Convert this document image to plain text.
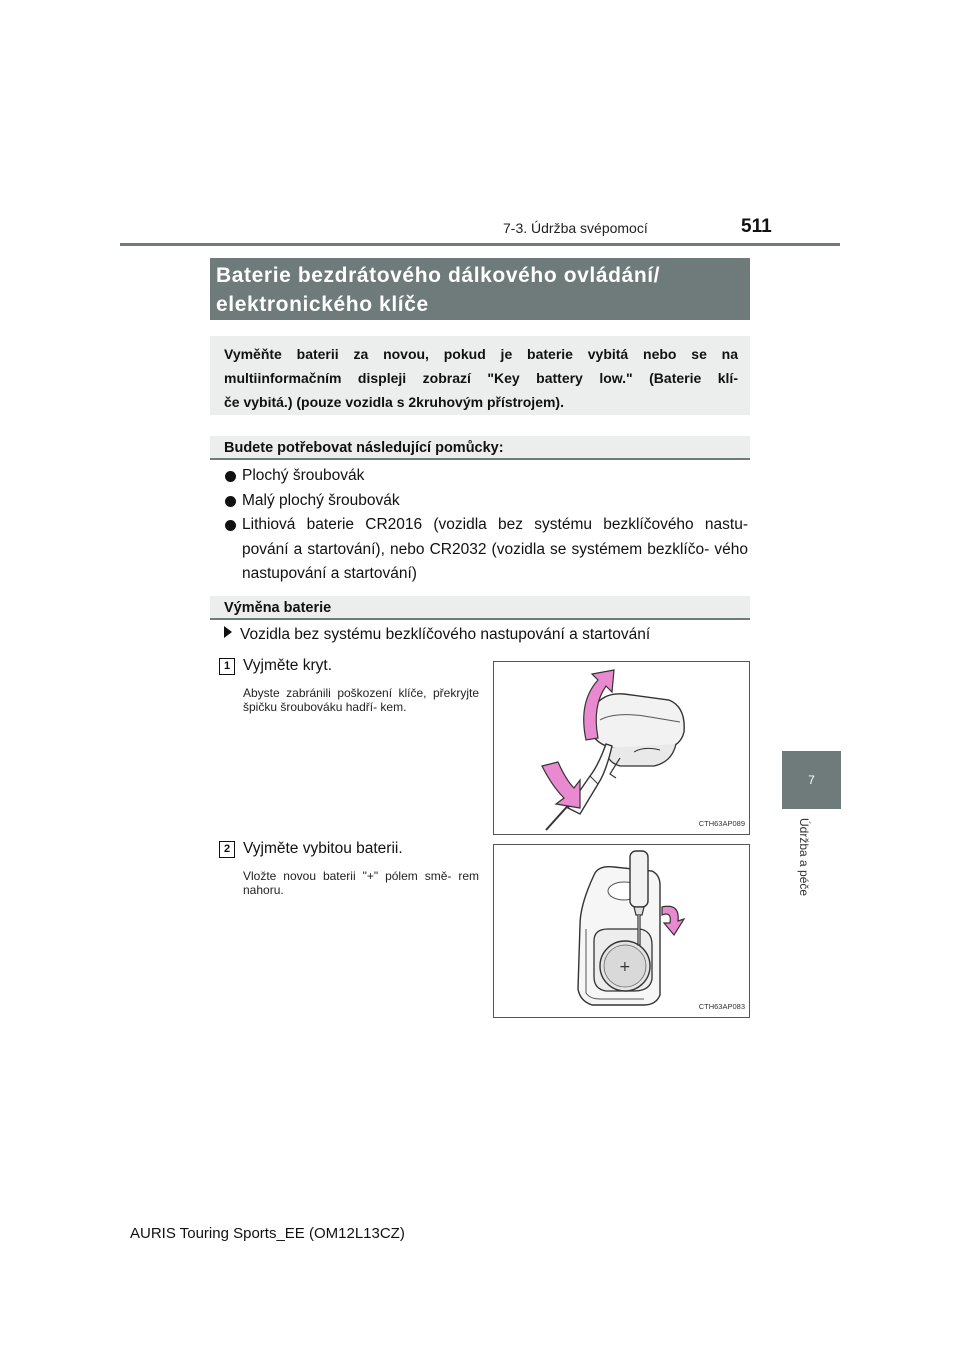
7-3. Údržba svépomocí	511
7
Údržba a péče
Baterie bezdrátového dálkového ovládání/
elektronického klíče
Vyměňte baterii za novou, pokud je baterie vybitá nebo se na
multiinformačním displeji zobrazí "Key battery low." (Baterie klí-
če vybitá.) (pouze vozidla s 2kruhovým přístrojem).
Budete potřebovat následující pomůcky:
Plochý šroubovák
Malý plochý šroubovák
Lithiová baterie CR2016 (vozidla bez systému bezklíčového nastu- pování a startování), nebo CR2032 (vozidla se systémem bezklíčo- vého nastupování a startování)
Výměna baterie
Vozidla bez systému bezklíčového nastupování a startování
1 Vyjměte kryt.
Abyste zabránili poškození klíče, překryjte špičku šroubováku hadří- kem.
CTH63AP089
2 Vyjměte vybitou baterii.
Vložte novou baterii "+" pólem smě- rem nahoru.
+
CTH63AP083
AURIS Touring Sports_EE (OM12L13CZ)
